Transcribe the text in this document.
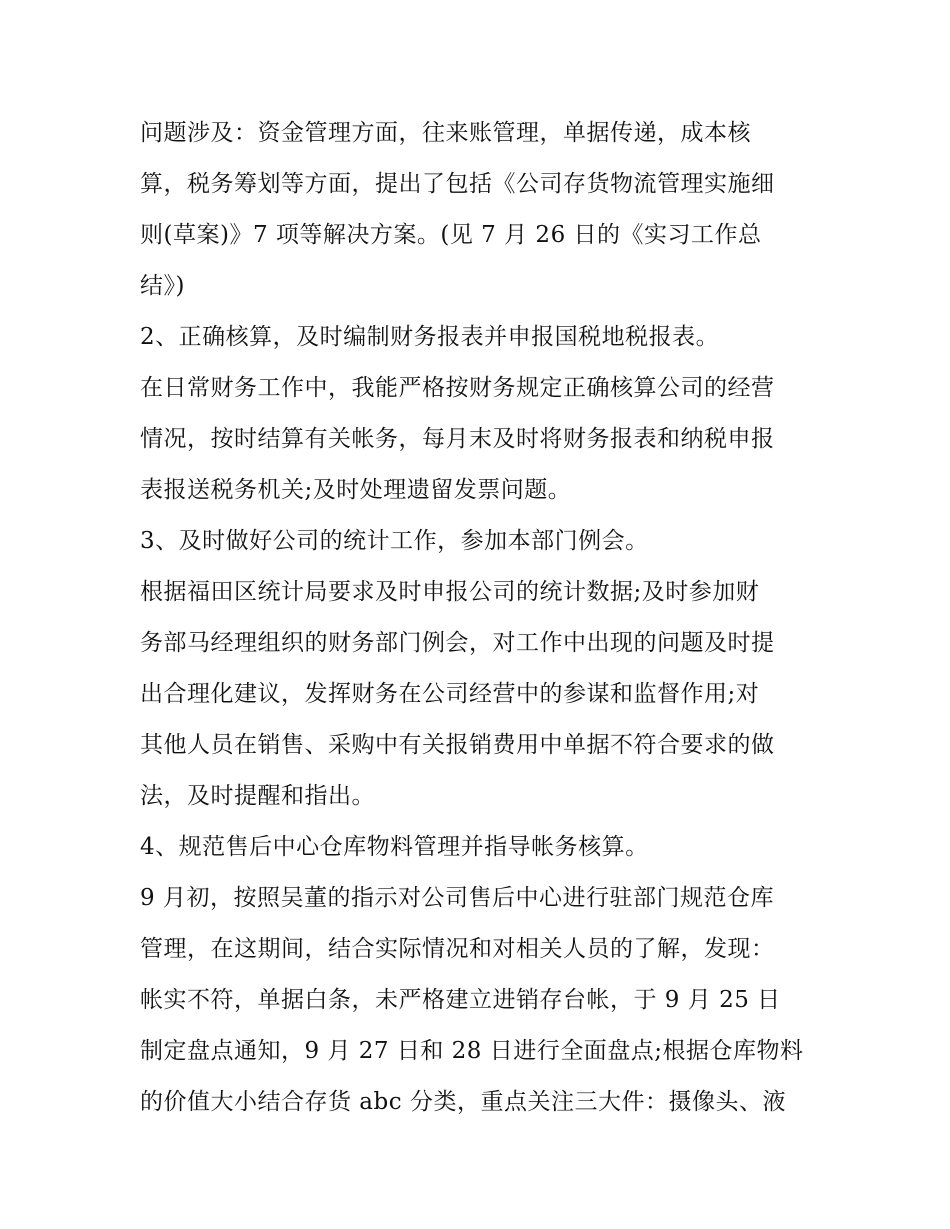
问题涉及：资金管理方面，往来账管理，单据传递，成本核
算，税务筹划等方面，提出了包括《公司存货物流管理实施细
则(草案)》7 项等解决方案。(见 7 月 26 日的《实习工作总
结》)
2、正确核算，及时编制财务报表并申报国税地税报表。
在日常财务工作中，我能严格按财务规定正确核算公司的经营
情况，按时结算有关帐务，每月末及时将财务报表和纳税申报
表报送税务机关;及时处理遗留发票问题。
3、及时做好公司的统计工作，参加本部门例会。
根据福田区统计局要求及时申报公司的统计数据;及时参加财
务部马经理组织的财务部门例会，对工作中出现的问题及时提
出合理化建议，发挥财务在公司经营中的参谋和监督作用;对
其他人员在销售、采购中有关报销费用中单据不符合要求的做
法，及时提醒和指出。
4、规范售后中心仓库物料管理并指导帐务核算。
9 月初，按照吴董的指示对公司售后中心进行驻部门规范仓库
管理，在这期间，结合实际情况和对相关人员的了解，发现：
帐实不符，单据白条，未严格建立进销存台帐，于 9 月 25 日
制定盘点通知，9 月 27 日和 28 日进行全面盘点;根据仓库物料
的价值大小结合存货 abc 分类，重点关注三大件：摄像头、液
